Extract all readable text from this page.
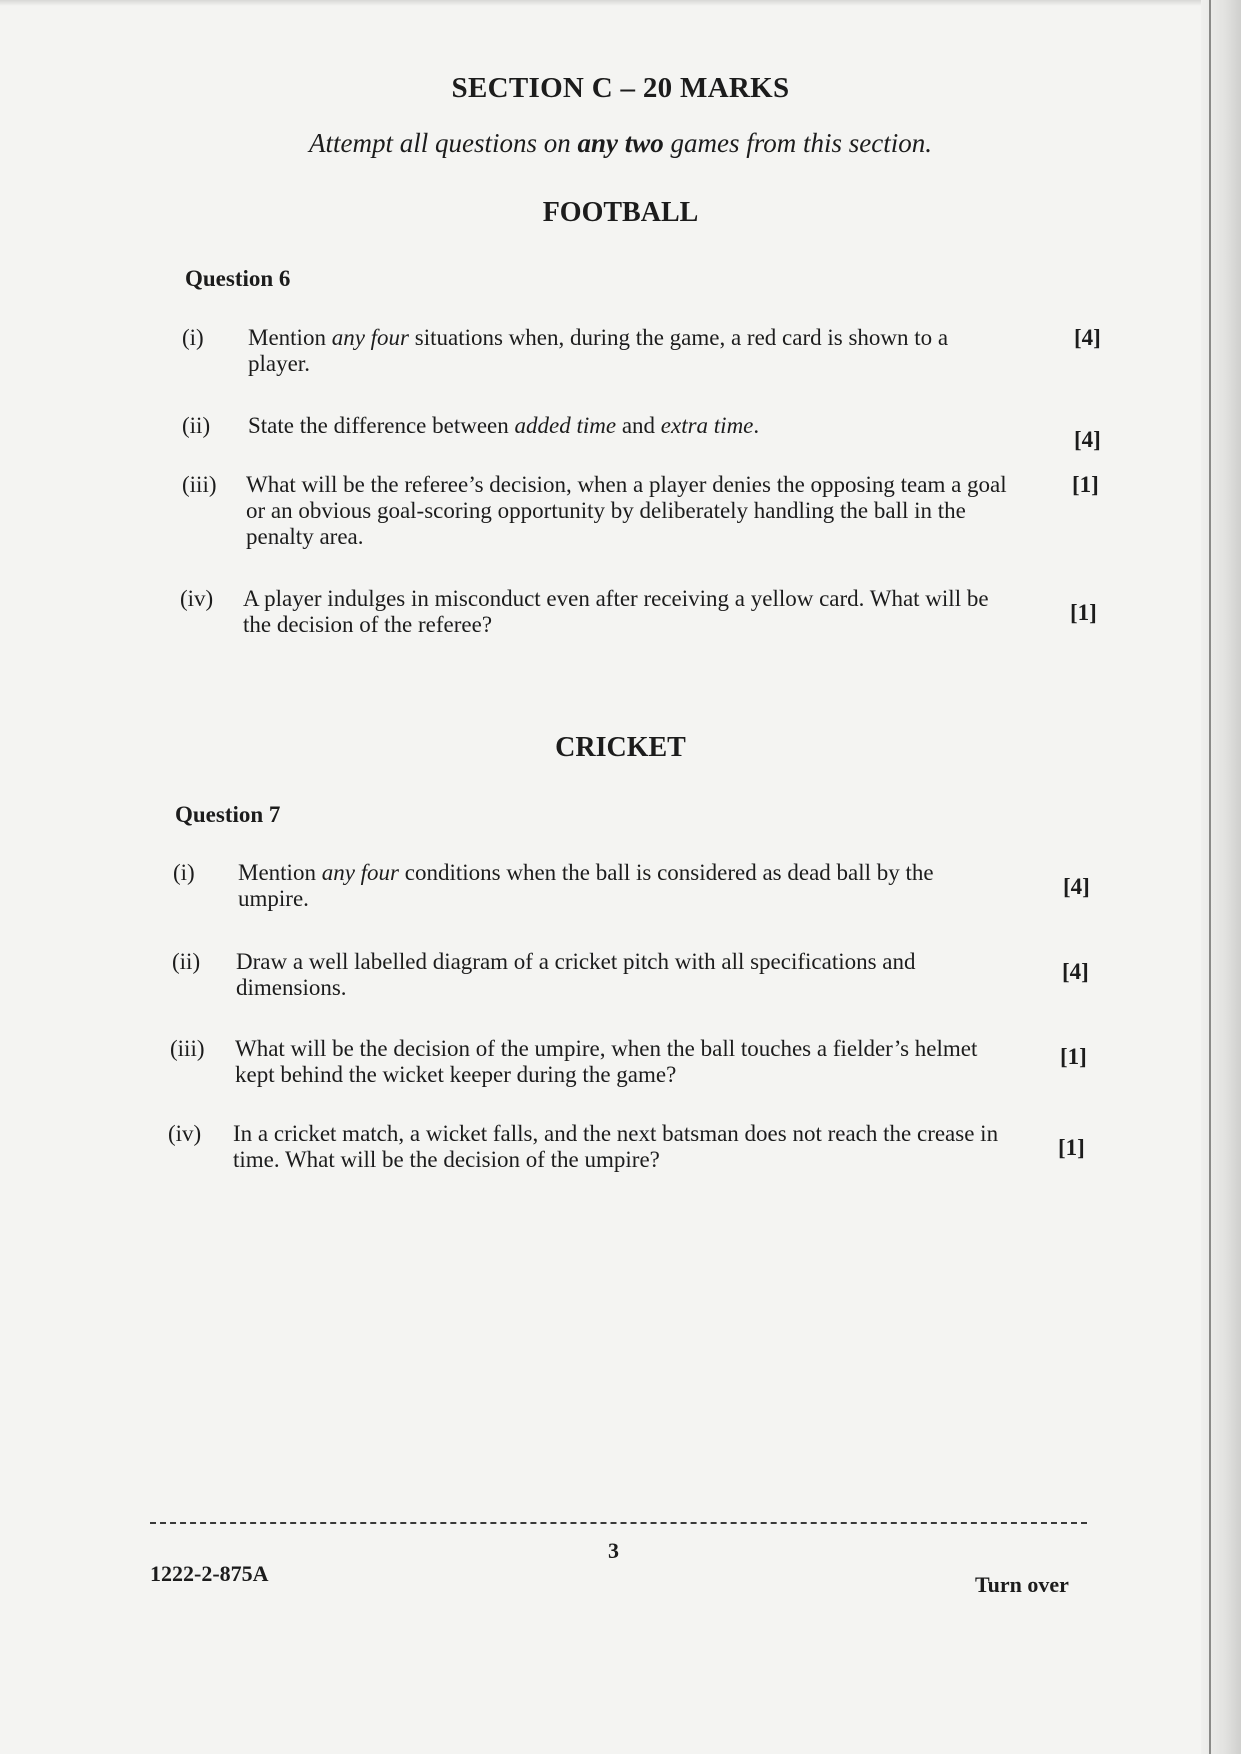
SECTION C – 20 MARKS
Attempt all questions on any two games from this section.
FOOTBALL
Question 6
(i) Mention any four situations when, during the game, a red card is shown to a player.
[4]
(ii) State the difference between added time and extra time.
[4]
(iii) What will be the referee’s decision, when a player denies the opposing team a goal or an obvious goal-scoring opportunity by deliberately handling the ball in the penalty area.
[1]
(iv) A player indulges in misconduct even after receiving a yellow card. What will be the decision of the referee?	[1]
CRICKET
Question 7
(i) Mention any four conditions when the ball is considered as dead ball by the umpire.	[4]
(ii) Draw a well labelled diagram of a cricket pitch with all specifications and dimensions.
[4]
(iii) What will be the decision of the umpire, when the ball touches a fielder’s helmet kept behind the wicket keeper during the game?
[1]
(iv) In a cricket match, a wicket falls, and the next batsman does not reach the crease in time. What will be the decision of the umpire?	[1]
3
1222-2-875A	Turn over
